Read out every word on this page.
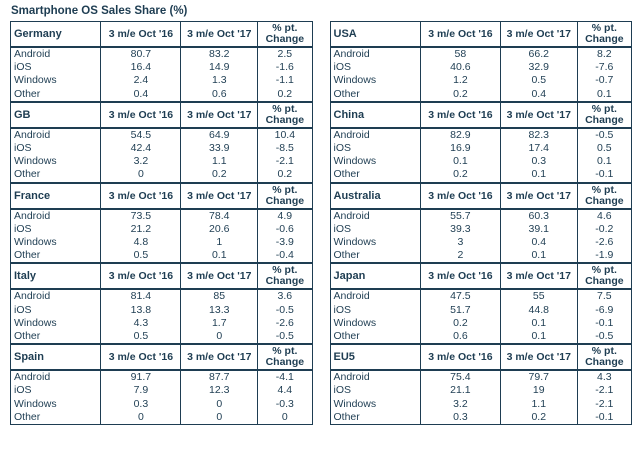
Smartphone OS Sales Share (%)
Germany	3 m/e Oct '16	3 m/e Oct '17	% pt.
Change

Android	80.7	83.2	2.5
iOS	16.4	14.9	-1.6
Windows	2.4	1.3	-1.1
Other	0.4	0.6	0.2
GB	3 m/e Oct '16	3 m/e Oct '17	% pt.
Change

Android	54.5	64.9	10.4
iOS	42.4	33.9	-8.5
Windows	3.2	1.1	-2.1
Other	0	0.2	0.2
France	3 m/e Oct '16	3 m/e Oct '17	% pt.
Change

Android	73.5	78.4	4.9
iOS	21.2	20.6	-0.6
Windows	4.8	1	-3.9
Other	0.5	0.1	-0.4
Italy	3 m/e Oct '16	3 m/e Oct '17	% pt.
Change

Android	81.4	85	3.6
iOS	13.8	13.3	-0.5
Windows	4.3	1.7	-2.6
Other	0.5	0	-0.5
Spain	3 m/e Oct '16	3 m/e Oct '17	% pt.
Change

Android	91.7	87.7	-4.1
iOS	7.9	12.3	4.4
Windows	0.3	0	-0.3
Other	0	0	0
USA	3 m/e Oct '16	3 m/e Oct '17	% pt.
Change

Android	58	66.2	8.2
iOS	40.6	32.9	-7.6
Windows	1.2	0.5	-0.7
Other	0.2	0.4	0.1
China	3 m/e Oct '16	3 m/e Oct '17	% pt.
Change

Android	82.9	82.3	-0.5
iOS	16.9	17.4	0.5
Windows	0.1	0.3	0.1
Other	0.2	0.1	-0.1
Australia	3 m/e Oct '16	3 m/e Oct '17	% pt.
Change

Android	55.7	60.3	4.6
iOS	39.3	39.1	-0.2
Windows	3	0.4	-2.6
Other	2	0.1	-1.9
Japan	3 m/e Oct '16	3 m/e Oct '17	% pt.
Change

Android	47.5	55	7.5
iOS	51.7	44.8	-6.9
Windows	0.2	0.1	-0.1
Other	0.6	0.1	-0.5
EU5	3 m/e Oct '16	3 m/e Oct '17	% pt.
Change

Android	75.4	79.7	4.3
iOS	21.1	19	-2.1
Windows	3.2	1.1	-2.1
Other	0.3	0.2	-0.1
